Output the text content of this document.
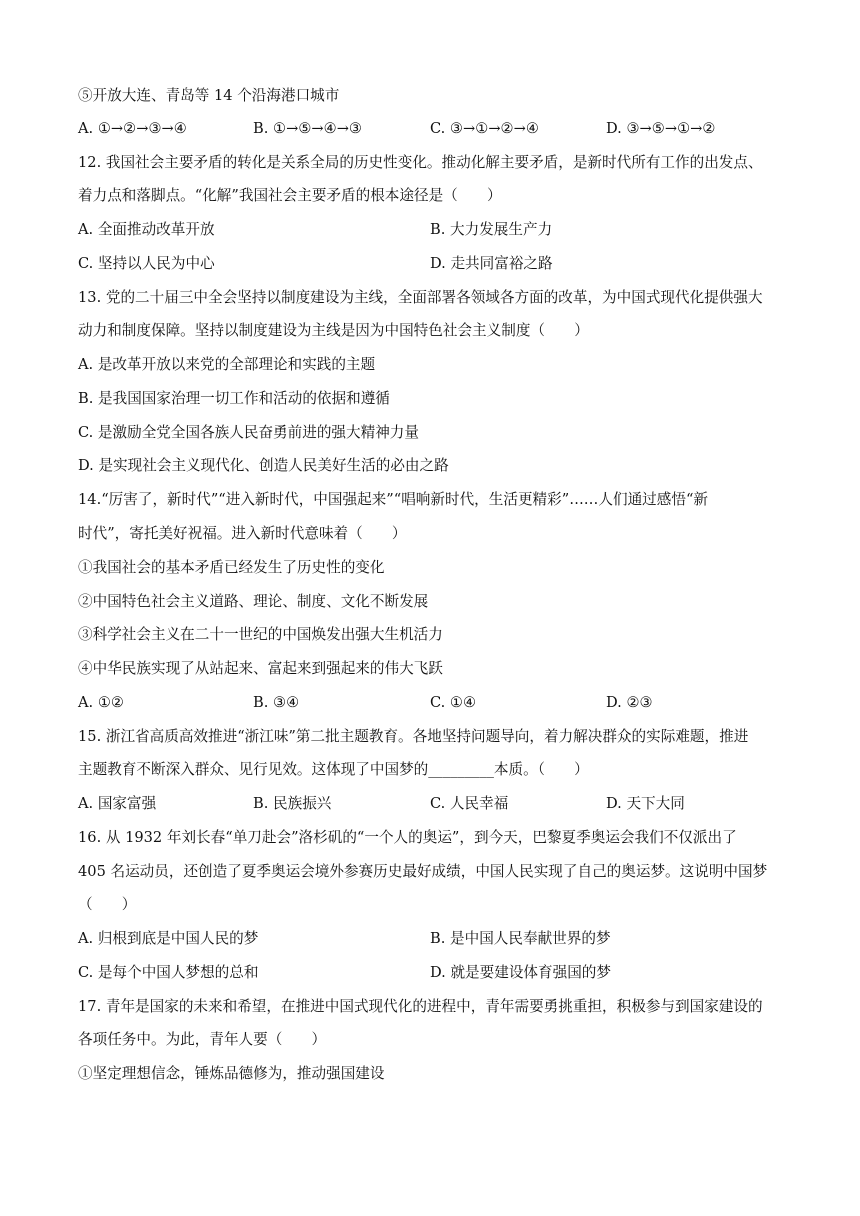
⑤开放大连、青岛等 14 个沿海港口城市
A. ①→②→③→④	B. ①→⑤→④→③	C. ③→①→②→④	D. ③→⑤→①→②
12. 我国社会主要矛盾的转化是关系全局的历史性变化。推动化解主要矛盾，是新时代所有工作的出发点、
着力点和落脚点。“化解”我国社会主要矛盾的根本途径是（　　）
A. 全面推动改革开放	B. 大力发展生产力
C. 坚持以人民为中心	D. 走共同富裕之路
13. 党的二十届三中全会坚持以制度建设为主线，全面部署各领域各方面的改革，为中国式现代化提供强大
动力和制度保障。坚持以制度建设为主线是因为中国特色社会主义制度（　　）
A. 是改革开放以来党的全部理论和实践的主题
B. 是我国国家治理一切工作和活动的依据和遵循
C. 是激励全党全国各族人民奋勇前进的强大精神力量
D. 是实现社会主义现代化、创造人民美好生活的必由之路
14.“厉害了，新时代”“进入新时代，中国强起来”“唱响新时代，生活更精彩”……人们通过感悟“新
时代”，寄托美好祝福。进入新时代意味着（　　）
①我国社会的基本矛盾已经发生了历史性的变化
②中国特色社会主义道路、理论、制度、文化不断发展
③科学社会主义在二十一世纪的中国焕发出强大生机活力
④中华民族实现了从站起来、富起来到强起来的伟大飞跃
A. ①②	B. ③④	C. ①④	D. ②③
15. 浙江省高质高效推进“浙江味”第二批主题教育。各地坚持问题导向，着力解决群众的实际难题，推进
主题教育不断深入群众、见行见效。这体现了中国梦的_________本质。（　　）
A. 国家富强	B. 民族振兴	C. 人民幸福	D. 天下大同
16. 从 1932 年刘长春“单刀赴会”洛杉矶的“一个人的奥运”，到今天，巴黎夏季奥运会我们不仅派出了
405 名运动员，还创造了夏季奥运会境外参赛历史最好成绩，中国人民实现了自己的奥运梦。这说明中国梦
（　　）
A. 归根到底是中国人民的梦	B. 是中国人民奉献世界的梦
C. 是每个中国人梦想的总和	D. 就是要建设体育强国的梦
17. 青年是国家的未来和希望，在推进中国式现代化的进程中，青年需要勇挑重担，积极参与到国家建设的
各项任务中。为此，青年人要（　　）
①坚定理想信念，锤炼品德修为，推动强国建设
